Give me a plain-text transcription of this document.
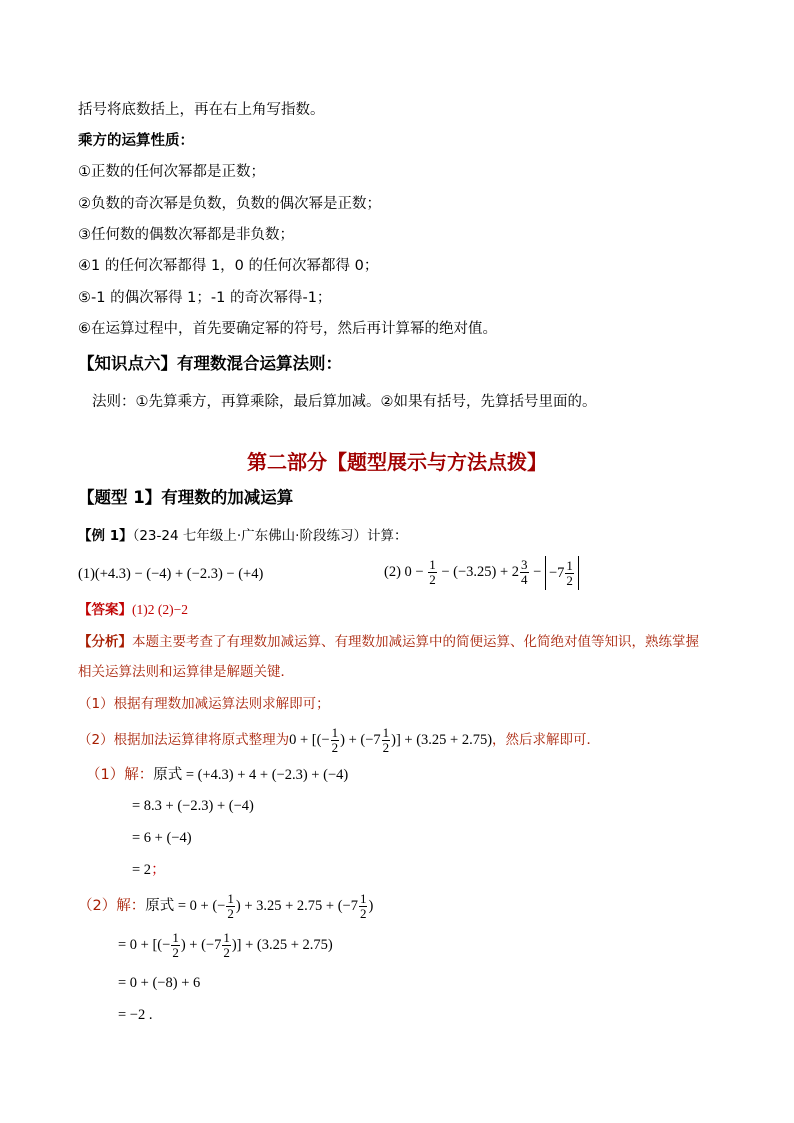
括号将底数括上，再在右上角写指数。
乘方的运算性质：
①正数的任何次幂都是正数；
②负数的奇次幂是负数，负数的偶次幂是正数；
③任何数的偶数次幂都是非负数；
④1 的任何次幂都得 1，0 的任何次幂都得 0；
⑤-1 的偶次幂得 1；-1 的奇次幂得-1；
⑥在运算过程中，首先要确定幂的符号，然后再计算幂的绝对值。
【知识点六】有理数混合运算法则：
法则：①先算乘方，再算乘除，最后算加减。②如果有括号，先算括号里面的。
第二部分【题型展示与方法点拨】
【题型 1】有理数的加减运算
【例 1】（23-24 七年级上·广东佛山·阶段练习）计算：
(1)(+4.3) − (−4) + (−2.3) − (+4)	(2) $0 - \frac{1}{2} - (-3.25) + 2 \frac{3}{4} - -7 \frac{1}{2}$
【答案】(1)2 (2)−2
【分析】本题主要考查了有理数加减运算、有理数加减运算中的简便运算、化简绝对值等知识，熟练掌握
相关运算法则和运算律是解题关键．
（1）根据有理数加减运算法则求解即可；
（2）根据加法运算律将原式整理为0 + [(− $\frac{1}{2}$ ) + ($-7 \frac{1}{2}$ )] + (3.25 + 2.75)，然后求解即可．
（1）解：原式 = (+4.3) + 4 + (−2.3) + (−4)
= 8.3 + (−2.3) + (−4)
= 6 + (−4)
= 2；
（2）解：原式 = 0 + (− $\frac{1}{2}$ ) + $3.25 + 2.75 + (-7 \frac{1}{2}$ )
= 0 + [(− $\frac{1}{2}$ ) + ($-7 \frac{1}{2}$ )] + (3.25 + 2.75)
= 0 + (−8) + 6
= −2 .
